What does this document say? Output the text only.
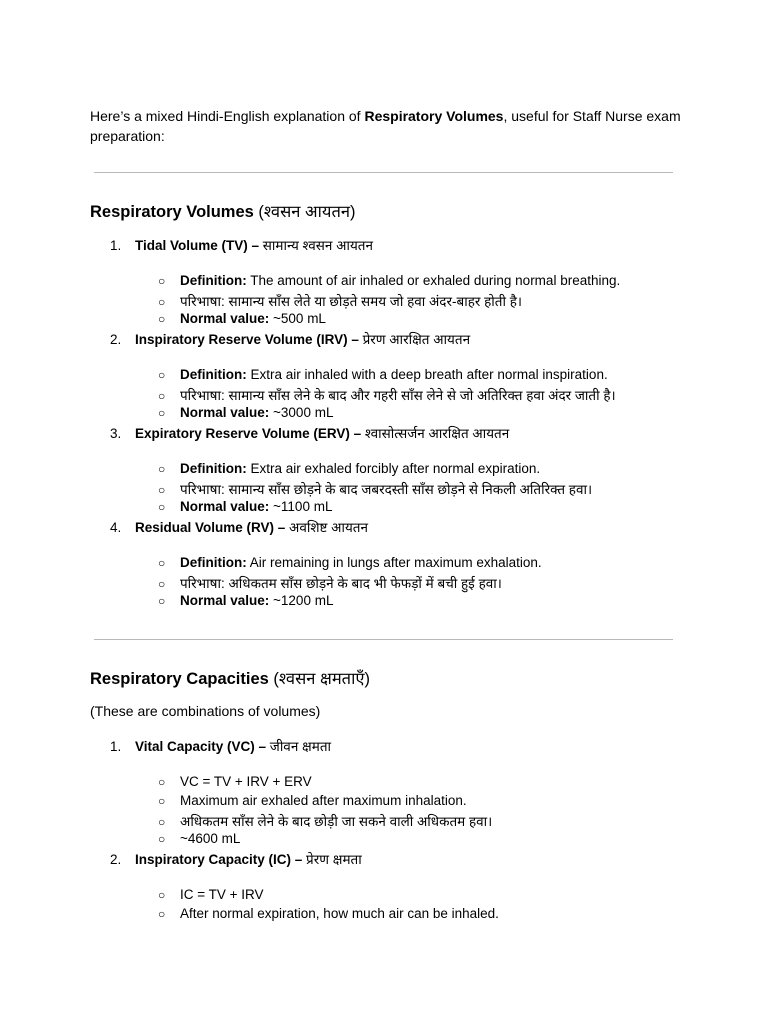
Here’s a mixed Hindi-English explanation of Respiratory Volumes, useful for Staff Nurse exam
preparation:
Respiratory Volumes (श्वसन आयतन)
1. Tidal Volume (TV) – सामान्य श्वसन आयतन
○ Definition: The amount of air inhaled or exhaled during normal breathing.
○ परिभाषा: सामान्य साँस लेते या छोड़ते समय जो हवा अंदर-बाहर होती है।
○ Normal value: ~500 mL
2. Inspiratory Reserve Volume (IRV) – प्रेरण आरक्षित आयतन
○ Definition: Extra air inhaled with a deep breath after normal inspiration.
○ परिभाषा: सामान्य साँस लेने के बाद और गहरी साँस लेने से जो अतिरिक्त हवा अंदर जाती है।
○ Normal value: ~3000 mL
3. Expiratory Reserve Volume (ERV) – श्वासोत्सर्जन आरक्षित आयतन
○ Definition: Extra air exhaled forcibly after normal expiration.
○ परिभाषा: सामान्य साँस छोड़ने के बाद जबरदस्ती साँस छोड़ने से निकली अतिरिक्त हवा।
○ Normal value: ~1100 mL
4. Residual Volume (RV) – अवशिष्ट आयतन
○ Definition: Air remaining in lungs after maximum exhalation.
○ परिभाषा: अधिकतम साँस छोड़ने के बाद भी फेफड़ों में बची हुई हवा।
○ Normal value: ~1200 mL
Respiratory Capacities (श्वसन क्षमताएँ)
(These are combinations of volumes)
1. Vital Capacity (VC) – जीवन क्षमता
○ VC = TV + IRV + ERV
○ Maximum air exhaled after maximum inhalation.
○ अधिकतम साँस लेने के बाद छोड़ी जा सकने वाली अधिकतम हवा।
○ ~4600 mL
2. Inspiratory Capacity (IC) – प्रेरण क्षमता
○ IC = TV + IRV
○ After normal expiration, how much air can be inhaled.
